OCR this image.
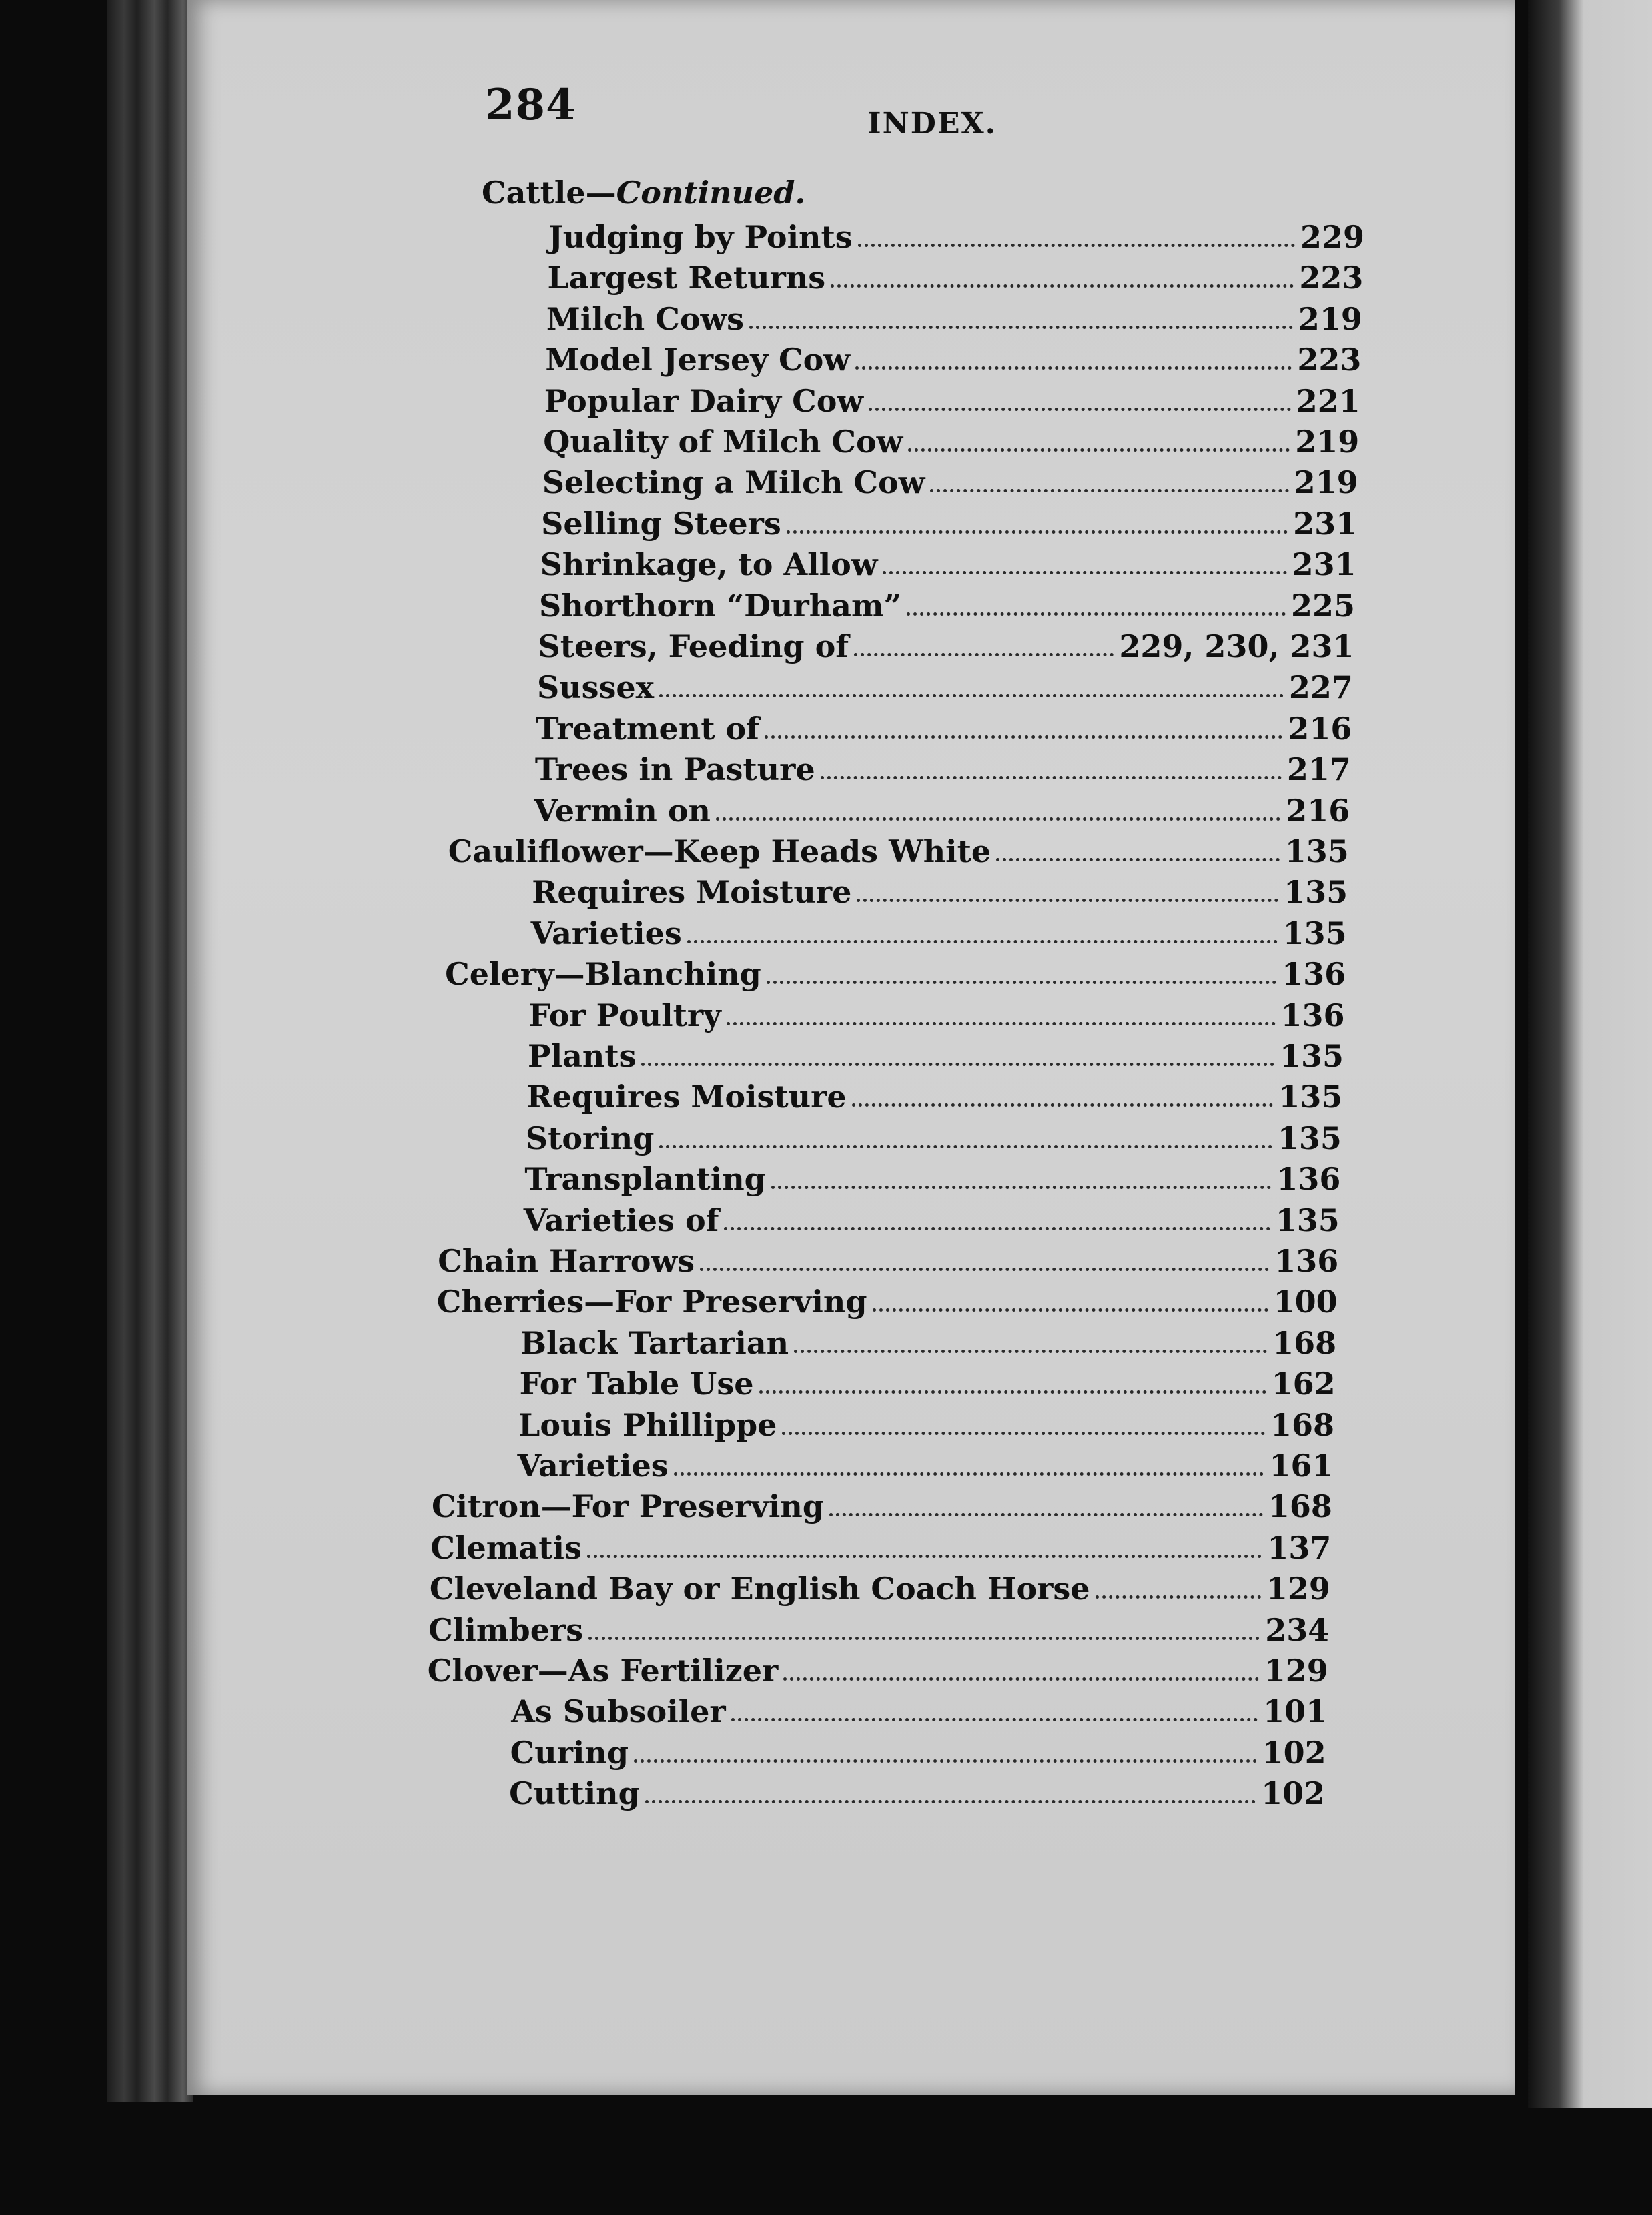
284	INDEX.
Cattle—Continued.
Judging by Points	229
Largest Returns	223
Milch Cows	219
Model Jersey Cow	223
Popular Dairy Cow	221
Quality of Milch Cow	219
Selecting a Milch Cow	219
Selling Steers	231
Shrinkage, to Allow	231
Shorthorn “Durham”	225
Steers, Feeding of	229, 230, 231
Sussex	227
Treatment of	216
Trees in Pasture	217
Vermin on	216
Cauliflower—Keep Heads White	135
Requires Moisture	135
Varieties	135
Celery—Blanching	136
For Poultry	136
Plants	135
Requires Moisture	135
Storing	135
Transplanting	136
Varieties of	135
Chain Harrows	136
Cherries—For Preserving	100
Black Tartarian	168
For Table Use	162
Louis Phillippe	168
Varieties	161
Citron—For Preserving	168
Clematis	137
Cleveland Bay or English Coach Horse	129
Climbers	234
Clover—As Fertilizer	129
As Subsoiler	101
Curing	102
Cutting	102
